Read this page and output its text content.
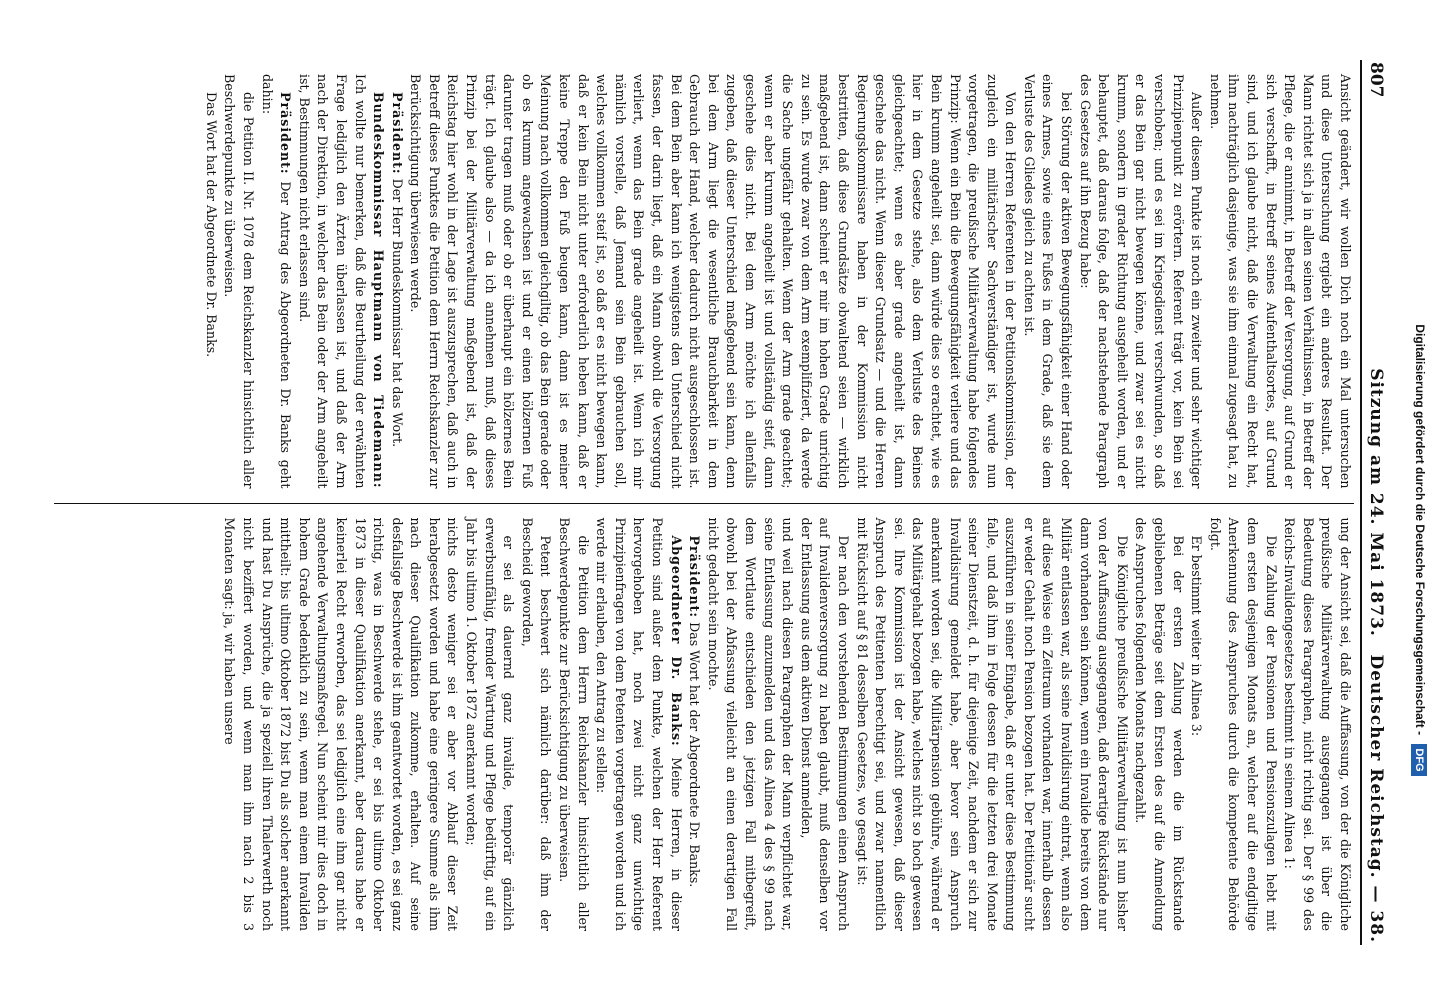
Digitalisierung gefördert durch die Deutsche Forschungsgemeinschaft - DFG
807
Sitzung am 24. Mai 1873.
Deutscher Reichstag. — 38.

Ansicht geändert, wir wollen Dich noch ein Mal untersuchen und diese Untersuchung ergiebt ein anderes Resultat. Der Mann richtet sich ja in allen seinen Verhältnissen, in Betreff der Pflege, die er annimmt, in Betreff der Versorgung, auf Grund er sich verschafft, in Betreff seines Aufenthaltsortes, auf Grund sind, und ich glaube nicht, daß die Verwaltung ein Recht hat, ihm nachträglich dasjenige, was sie ihm einmal zugesagt hat, zu nehmen.

Außer diesem Punkte ist noch ein zweiter und sehr wichtiger Prinzipienpunkt zu erörtern. Referent trägt vor, kein Bein sei verschoben; und es sei im Kriegsdienst verschwunden, so daß er das Bein gar nicht bewegen könne, und zwar sei es nicht krumm, sondern in grader Richtung ausgeheilt worden, und er behauptet, daß daraus folge, daß der nachstehende Paragraph des Gesetzes auf ihn Bezug habe:

bei Störung der aktiven Bewegungsfähigkeit einer Hand oder eines Armes, sowie eines Fußes in dem Grade, daß sie dem Verluste des Gliedes gleich zu achten ist.

Von den Herren Referenten in der Petitionskommission, der zugleich ein militärischer Sachverständiger ist, wurde nun vorgetragen, die preußische Militärverwaltung habe folgendes Prinzip: Wenn ein Bein die Bewegungsfähigkeit verliere und das Bein krumm angeheilt sei, dann würde dies so erachtet, wie es hier in dem Gesetze stehe, also dem Verluste des Beines gleichgeachtet; wenn es aber grade angeheilt ist, dann geschehe das nicht. Wenn dieser Grundsatz — und die Herren Regierungskommissare haben in der Kommission nicht bestritten, daß diese Grundsätze obwaltend seien — wirklich maßgebend ist, dann scheint er mir im hohen Grade unrichtig zu sein. Es wurde zwar von dem Arm exemplifiziert, da werde die Sache ungefähr gehalten. Wenn der Arm grade geachtet; wenn er aber krumm angeheilt ist und vollständig steif, dann geschehe dies nicht. Bei dem Arm möchte ich allenfalls zugeben, daß dieser Unterschied maßgebend sein kann, denn bei dem Arm liegt die wesentliche Brauchbarkeit in dem Gebrauch der Hand, welcher dadurch nicht ausgeschlossen ist. Bei dem Bein aber kann ich wenigstens den Unterschied nicht fassen, der darin liegt, daß ein Mann obwohl die Versorgung verliert, wenn das Bein grade angeheilt ist. Wenn ich mir nämlich vorstelle, daß Jemand sein Bein gebrauchen soll, welches vollkommen steif ist, so daß er es nicht bewegen kann, daß er kein Bein nicht unter erforderlich heben kann, daß er keine Treppe den Fuß beugen kann, dann ist es meiner Meinung nach vollkommen gleichgiltig, ob das Bein gerade oder ob es krumm angewachsen ist und er einen hölzernen Fuß darunter tragen muß oder ob er überhaupt ein hölzernes Bein trägt. Ich glaube also — da ich annehmen muß, daß dieses Prinzip bei der Militärverwaltung maßgebend ist, daß der Reichstag hier wohl in der Lage ist auszusprechen, daß auch in Betreff dieses Punktes die Petition dem Herrn Reichskanzler zur Berücksichtigung überwiesen werde.

Präsident: Der Herr Bundeskommissar hat das Wort.

Bundeskommissar Hauptmann von Tiedemann: Ich wollte nur bemerken, daß die Beurtheilung der erwähnten Frage lediglich den Ärzten überlassen ist, und daß der Arm nach der Direktion, in welcher das Bein oder der Arm angeheilt ist, Bestimmungen nicht erlassen sind.

Präsident: Der Antrag des Abgeordneten Dr. Banks geht dahin:

die Petition II. Nr. 1078 dem Reichskanzler hinsichtlich aller Beschwerdepunkte zu überweisen.

Das Wort hat der Abgeordnete Dr. Banks.

ung der Ansicht sei, daß die Auffassung, von der die Königliche preußische Militärverwaltung ausgegangen ist über die Bedeutung dieses Paragraphen, nicht richtig sei. Der § 99 des Reichs-Invalidengesetzes bestimmt in seinem Alinea 1:

Die Zahlung der Pensionen und Pensionszulagen hebt mit dem ersten desjenigen Monats an, welcher auf die endgiltige Anerkennung des Anspruches durch die kompetente Behörde folgt.

Er bestimmt weiter in Alinea 3:

Bei der ersten Zahlung werden die im Rückstande gebliebenen Beträge seit dem Ersten des auf die Anmeldung des Anspruches folgenden Monats nachgezahlt.

Die Königliche preußische Militärverwaltung ist nun bisher von der Auffassung ausgegangen, daß derartige Rückstände nur dann vorhanden sein können, wenn ein Invalide bereits von dem Militär entlassen war, als seine Invalidisirung eintrat, wenn also auf diese Weise ein Zeitraum vorhanden war, innerhalb dessen er weder Gehalt noch Pension bezogen hat. Der Petitionär sucht auszuführen in seiner Eingabe, daß er unter diese Bestimmung falle, und daß ihm in Folge dessen für die letzten drei Monate seiner Dienstzeit, d. h. für diejenige Zeit, nachdem er sich zur Invalidisirung gemeldet habe, aber bevor sein Anspruch anerkannt worden sei, die Militärpension gebühre, während er das Militärgehalt bezogen habe, welches nicht so hoch gewesen sei. Ihre Kommission ist der Ansicht gewesen, daß dieser Anspruch des Petitenten berechtigt sei, und zwar namentlich mit Rücksicht auf § 81 desselben Gesetzes, wo gesagt ist:

Der nach den vorstehenden Bestimmungen einen Anspruch auf Invalidenversorgung zu haben glaubt, muß denselben vor der Entlassung aus dem aktiven Dienst anmelden,

und weil nach diesen Paragraphen der Mann verpflichtet war, seine Entlassung anzumelden und das Alinea 4 des § 99 nach dem Wortlaute entschieden den jetzigen Fall mitbegreift, obwohl bei der Abfassung vielleicht an einen derartigen Fall nicht gedacht sein mochte.

Präsident: Das Wort hat der Abgeordnete Dr. Banks.

Abgeordneter Dr. Banks: Meine Herren, in dieser Petition sind außer dem Punkte, welchen der Herr Referent hervorgehoben hat, noch zwei nicht ganz unwichtige Prinzipienfragen von dem Petenten vorgetragen worden und ich werde mir erlauben, den Antrag zu stellen:

die Petition dem Herrn Reichskanzler hinsichtlich aller Beschwerdepunkte zur Berücksichtigung zu überweisen.

Petent beschwert sich nämlich darüber: daß ihm der Bescheid geworden,

er sei als dauernd ganz invalide, temporär gänzlich erwerbsunfähig, fremder Wartung und Pflege bedürftig, auf ein Jahr bis ultimo 1. Oktober 1872 anerkannt worden;

nichts desto weniger sei er aber vor Ablauf dieser Zeit herabgesetzt worden und habe eine geringere Summe als ihm nach dieser Qualifikation zukomme, erhalten. Auf seine desfallsige Beschwerde ist ihm geantwortet worden, es sei ganz richtig, was in Beschwerde stehe, er sei bis ultimo Oktober 1873 in dieser Qualifikation anerkannt, aber daraus habe er keinerlei Recht erworben, das sei lediglich eine ihm gar nicht angehende Verwaltungsmaßregel. Nun scheint mir dies doch in hohem Grade bedenklich zu sein, wenn man einem Invaliden mittheilt: bis ultimo Oktober 1872 bist Du als solcher anerkannt und hast Du Ansprüche, die ja speziell ihren Thalerwerth noch nicht beziffert worden, und wenn man ihm nach 2 bis 3 Monaten sagt: ja, wir haben unsere
